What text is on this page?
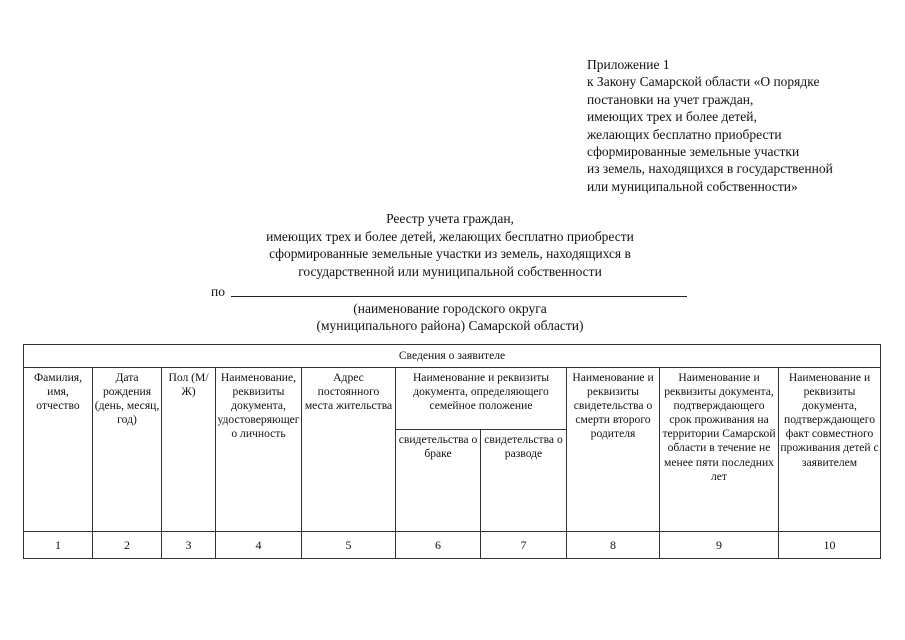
Приложение 1
к Закону Самарской области «О порядке
постановки на учет граждан,
имеющих трех и более детей,
желающих бесплатно приобрести
сформированные земельные участки
из земель, находящихся в государственной
или муниципальной собственности»
Реестр учета граждан,
имеющих трех и более детей, желающих бесплатно приобрести
сформированные земельные участки из земель, находящихся в
государственной или муниципальной собственности
по
(наименование городского округа
(муниципального района) Самарской области)
Сведения о заявителе									
Фамилия, имя, отчество	Дата рождения (день, месяц, год)	Пол (М/Ж)	Наименование, реквизиты документа, удостоверяющего личность	Адрес постоянного места жительства	Наименование и реквизиты документа, определяющего семейное положение		Наименование и реквизиты свидетельства о смерти второго родителя	Наименование и реквизиты документа, подтверждающего срок проживания на территории Самарской области в течение не менее пяти последних лет	Наименование и реквизиты документа, подтверждающего факт совместного проживания детей с заявителем
					свидетельства о браке	свидетельства о разводе			
1	2	3	4	5	6	7	8	9	10
